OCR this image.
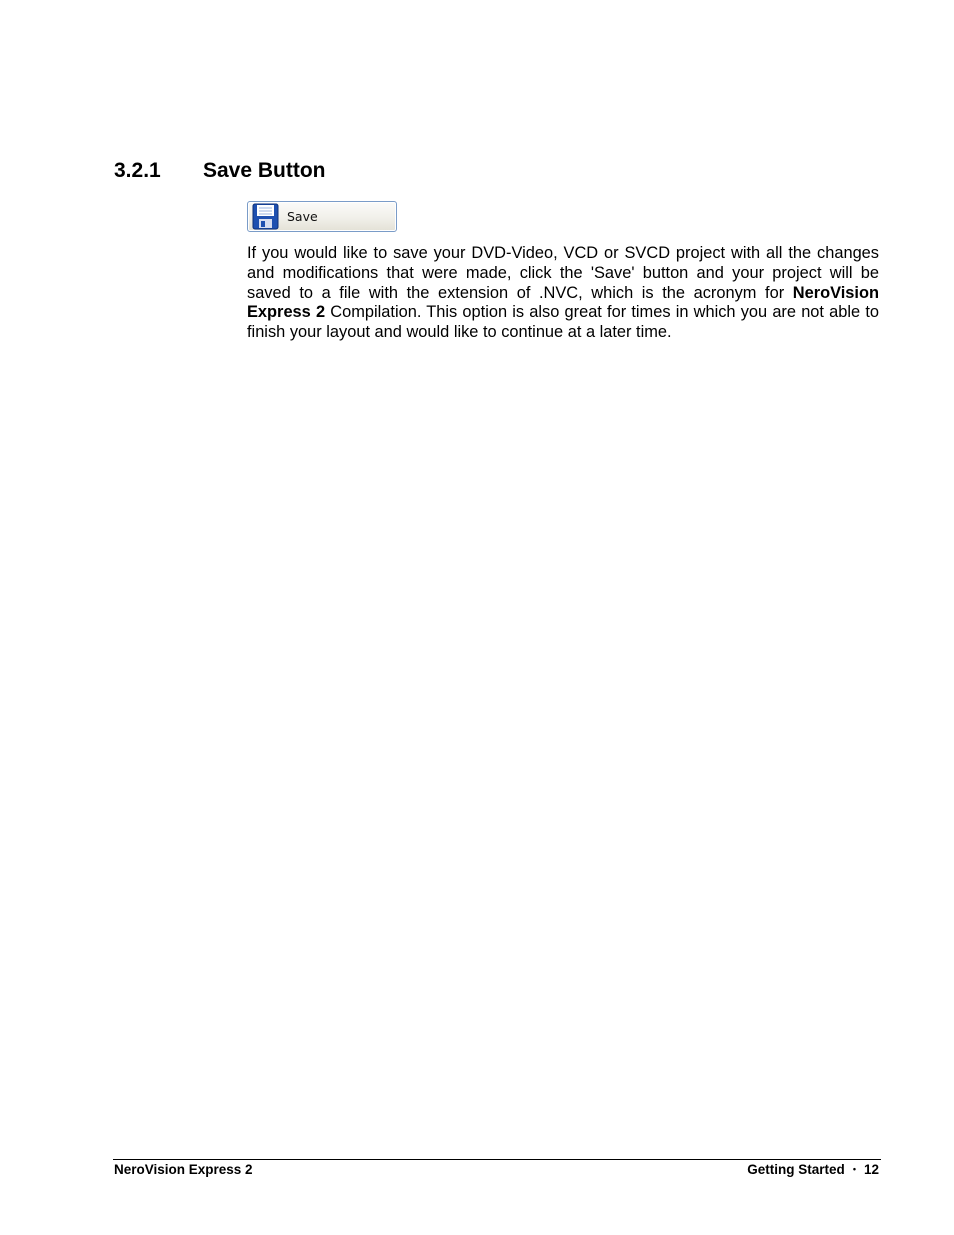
3.2.1 Save Button
Save

If you would like to save your DVD-Video, VCD or SVCD project with all the changes and modifications that were made, click the 'Save' button and your project will be saved to a file with the extension of .NVC, which is the acronym for NeroVision Express 2 Compilation. This option is also great for times in which you are not able to finish your layout and would like to continue at a later time.

NeroVision Express 2	Getting Started • 12
